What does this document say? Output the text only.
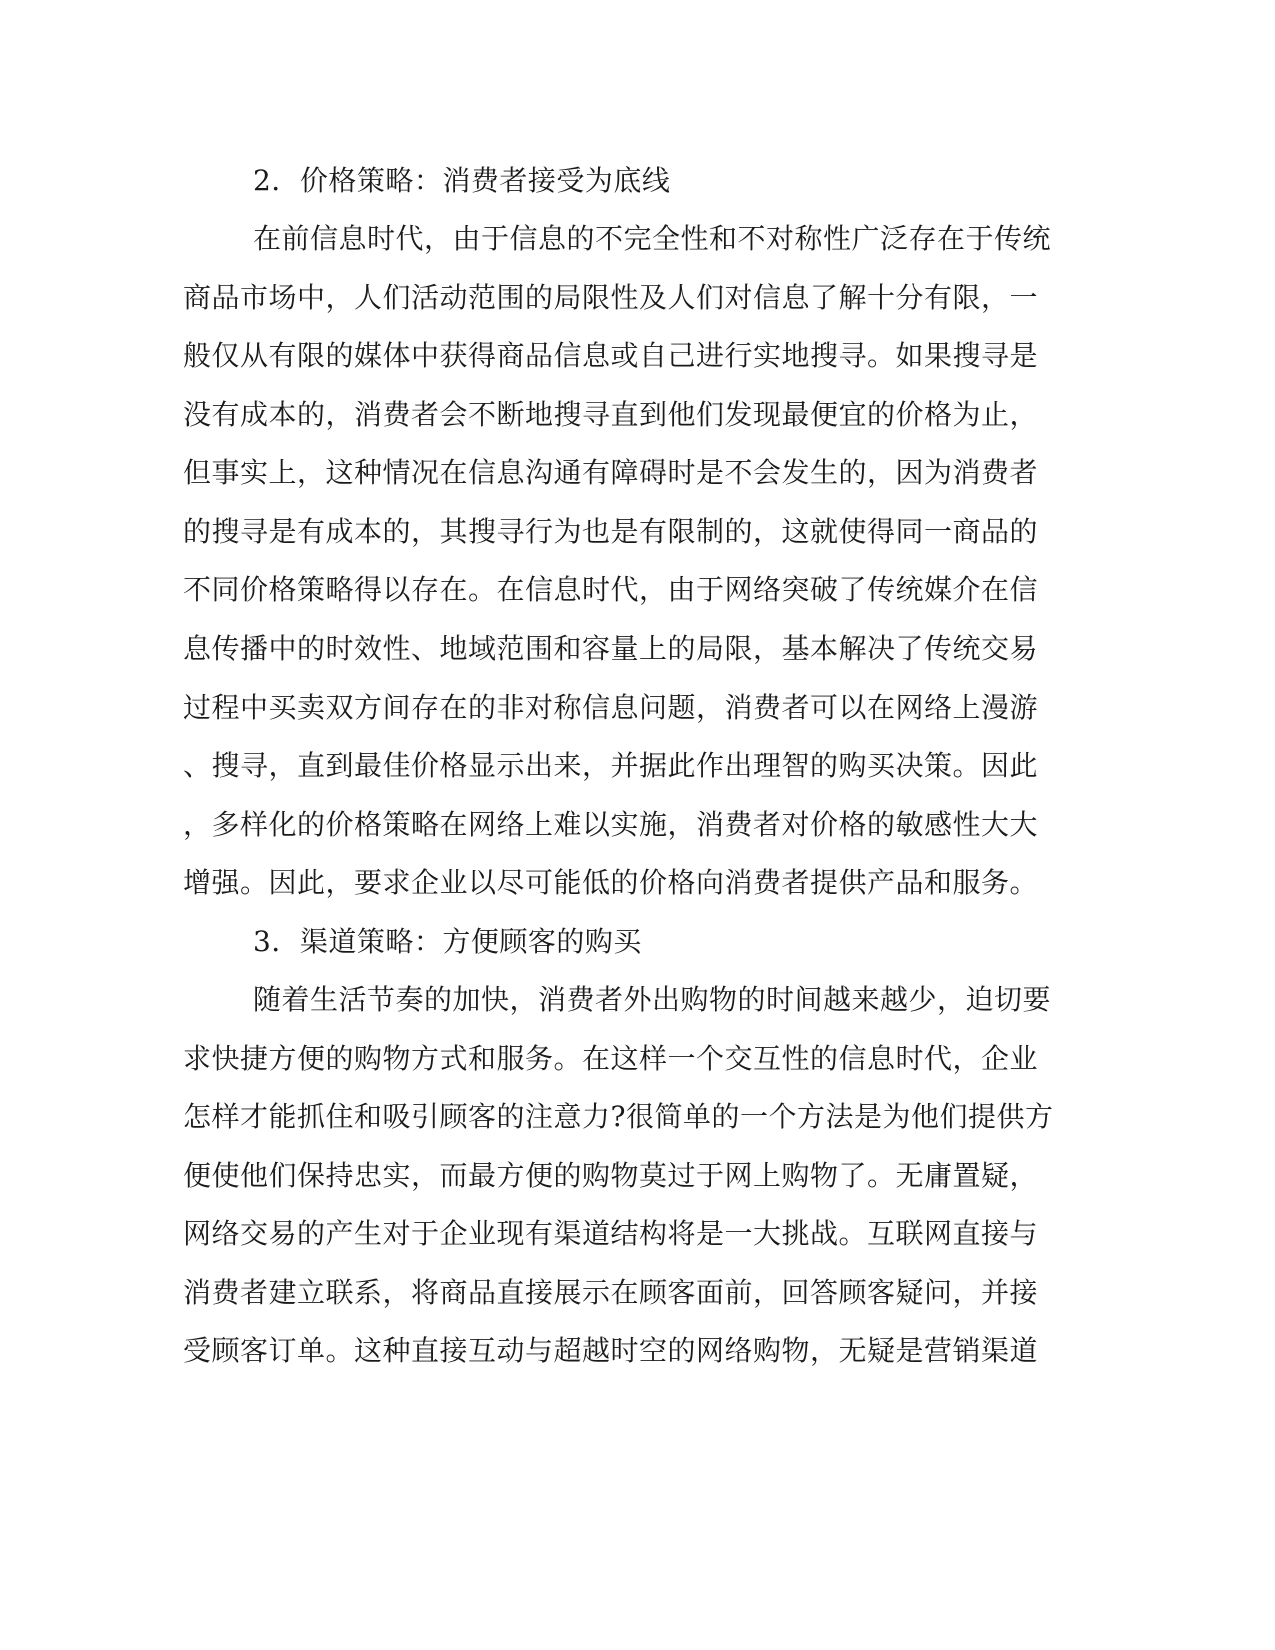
2．价格策略：消费者接受为底线
在前信息时代，由于信息的不完全性和不对称性广泛存在于传统
商品市场中，人们活动范围的局限性及人们对信息了解十分有限，一
般仅从有限的媒体中获得商品信息或自己进行实地搜寻。如果搜寻是
没有成本的，消费者会不断地搜寻直到他们发现最便宜的价格为止，
但事实上，这种情况在信息沟通有障碍时是不会发生的，因为消费者
的搜寻是有成本的，其搜寻行为也是有限制的，这就使得同一商品的
不同价格策略得以存在。在信息时代，由于网络突破了传统媒介在信
息传播中的时效性、地域范围和容量上的局限，基本解决了传统交易
过程中买卖双方间存在的非对称信息问题，消费者可以在网络上漫游
、搜寻，直到最佳价格显示出来，并据此作出理智的购买决策。因此
，多样化的价格策略在网络上难以实施，消费者对价格的敏感性大大
增强。因此，要求企业以尽可能低的价格向消费者提供产品和服务。
3．渠道策略：方便顾客的购买
随着生活节奏的加快，消费者外出购物的时间越来越少，迫切要
求快捷方便的购物方式和服务。在这样一个交互性的信息时代，企业
怎样才能抓住和吸引顾客的注意力?很简单的一个方法是为他们提供方
便使他们保持忠实，而最方便的购物莫过于网上购物了。无庸置疑，
网络交易的产生对于企业现有渠道结构将是一大挑战。互联网直接与
消费者建立联系，将商品直接展示在顾客面前，回答顾客疑问，并接
受顾客订单。这种直接互动与超越时空的网络购物，无疑是营销渠道
